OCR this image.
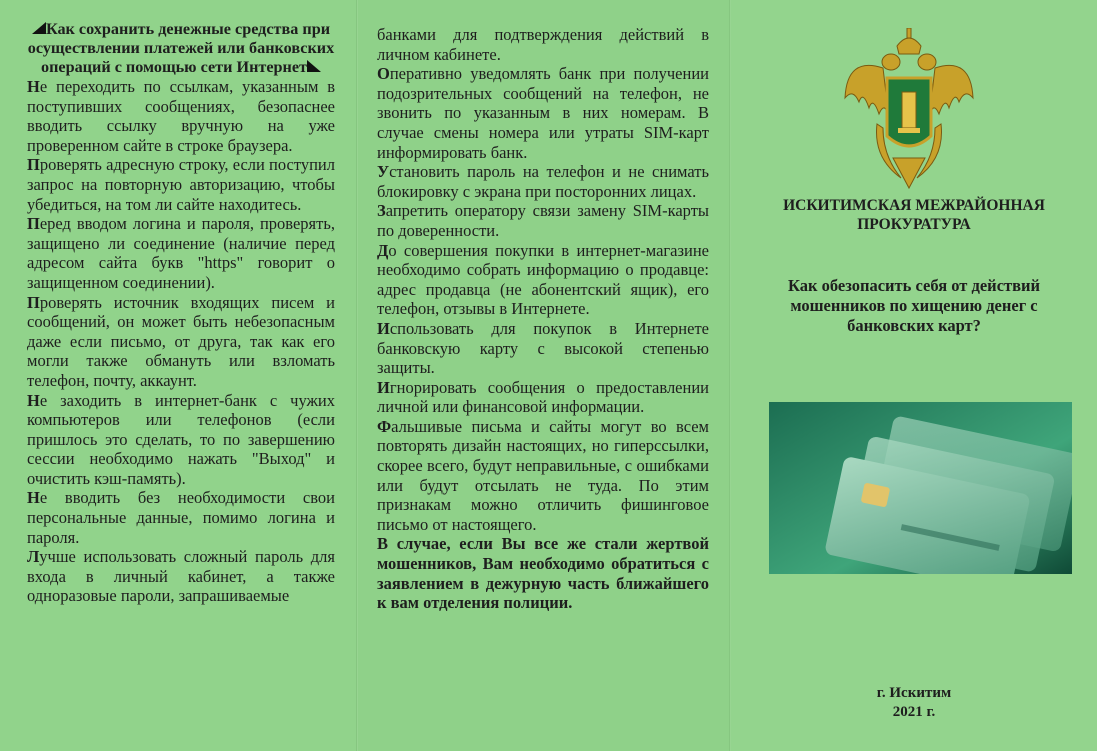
Как сохранить денежные средства при осуществлении платежей или банковских операций с помощью сети Интернет

Не переходить по ссылкам, указанным в поступивших сообщениях, безопаснее вводить ссылку вручную на уже проверенном сайте в строке браузера.

Проверять адресную строку, если поступил запрос на повторную авторизацию, чтобы убедиться, на том ли сайте находитесь.

Перед вводом логина и пароля, проверять, защищено ли соединение (наличие перед адресом сайта букв "https" говорит о защищенном соединении).

Проверять источник входящих писем и сообщений, он может быть небезопасным даже если письмо, от друга, так как его могли также обмануть или взломать телефон, почту, аккаунт.

Не заходить в интернет-банк с чужих компьютеров или телефонов (если пришлось это сделать, то по завершению сессии необходимо нажать "Выход" и очистить кэш-память).

Не вводить без необходимости свои персональные данные, помимо логина и пароля.

Лучше использовать сложный пароль для входа в личный кабинет, а также одноразовые пароли, запрашиваемые

банками для подтверждения действий в личном кабинете.

Оперативно уведомлять банк при получении подозрительных сообщений на телефон, не звонить по указанным в них номерам. В случае смены номера или утраты SIM-карт информировать банк.

Установить пароль на телефон и не снимать блокировку с экрана при посторонних лицах.

Запретить оператору связи замену SIM-карты по доверенности.

До совершения покупки в интернет-магазине необходимо собрать информацию о продавце: адрес продавца (не абонентский ящик), его телефон, отзывы в Интернете.

Использовать для покупок в Интернете банковскую карту с высокой степенью защиты.

Игнорировать сообщения о предоставлении личной или финансовой информации.

Фальшивые письма и сайты могут во всем повторять дизайн настоящих, но гиперссылки, скорее всего, будут неправильные, с ошибками или будут отсылать не туда. По этим признакам можно отличить фишинговое письмо от настоящего.

В случае, если Вы все же стали жертвой мошенников, Вам необходимо обратиться с заявлением в дежурную часть ближайшего к вам отделения полиции.

ИСКИТИМСКАЯ МЕЖРАЙОННАЯ
ПРОКУРАТУРА
Как обезопасить себя от действий мошенников по хищению денег с банковских карт?
г. Искитим
2021 г.
